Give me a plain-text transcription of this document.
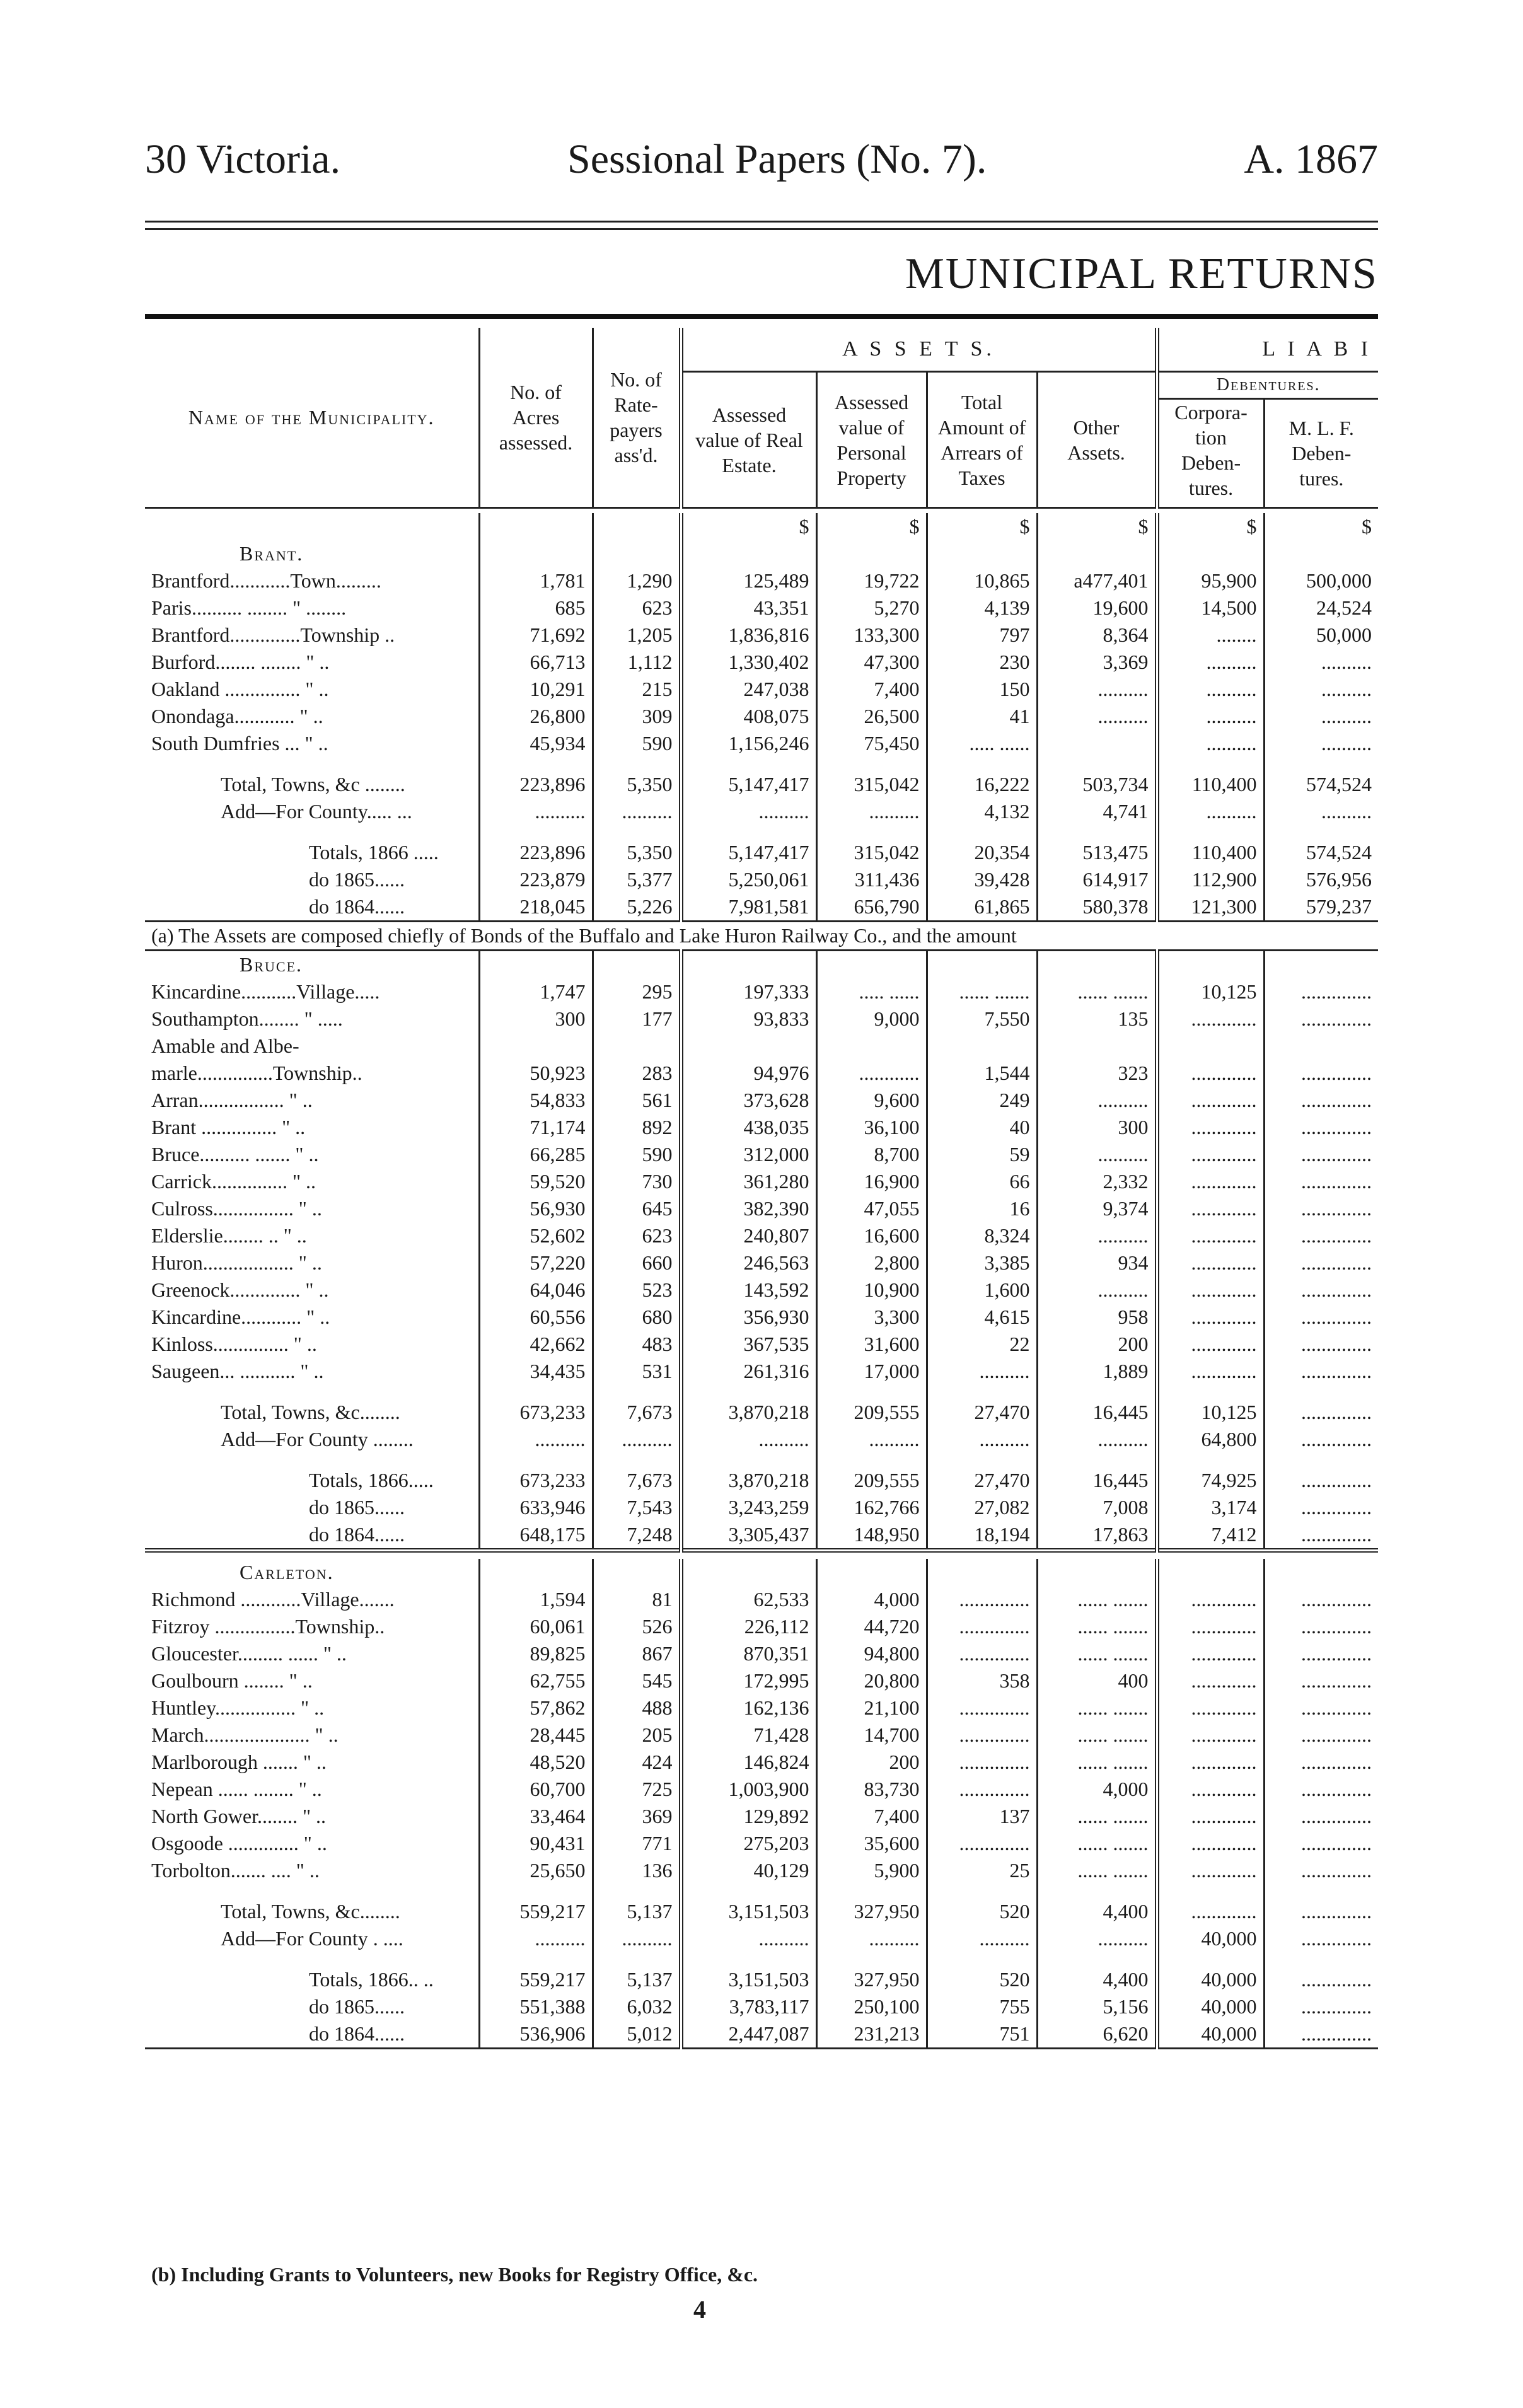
30 Victoria.	Sessional Papers (No. 7).	A. 1867
MUNICIPAL RETURNS
Name of the Municipality.	No. of Acres assessed.	No. of Rate-payers ass'd.	A S S E T S.				L I A B I	
			Assessed value of Real Estate.	Assessed value of Personal Property	Total Amount of Arrears of Taxes	Other Assets.	Debentures.	
							Corpora-tion Deben-tures.	M. L. F. Deben-tures.

			$	$	$	$	$	$
Brant.								
Brantford............Town.........	1,781	1,290	125,489	19,722	10,865	a477,401	95,900	500,000
Paris.......... ........ " ........	685	623	43,351	5,270	4,139	19,600	14,500	24,524
Brantford..............Township ..	71,692	1,205	1,836,816	133,300	797	8,364	........	50,000
Burford........ ........ " ..	66,713	1,112	1,330,402	47,300	230	3,369	..........	..........
Oakland ............... " ..	10,291	215	247,038	7,400	150	..........	..........	..........
Onondaga............ " ..	26,800	309	408,075	26,500	41	..........	..........	..........
South Dumfries ... " ..	45,934	590	1,156,246	75,450	..... ......		..........	..........

Total, Towns, &c ........	223,896	5,350	5,147,417	315,042	16,222	503,734	110,400	574,524
Add—For County..... ...	..........	..........	..........	..........	4,132	4,741	..........	..........

Totals, 1866 .....	223,896	5,350	5,147,417	315,042	20,354	513,475	110,400	574,524
do 1865......	223,879	5,377	5,250,061	311,436	39,428	614,917	112,900	576,956
do 1864......	218,045	5,226	7,981,581	656,790	61,865	580,378	121,300	579,237
(a) The Assets are composed chiefly of Bonds of the Buffalo and Lake Huron Railway Co., and the amount								
Bruce.								
Kincardine...........Village.....	1,747	295	197,333	..... ......	...... .......	...... .......	10,125	..............
Southampton........ " .....	300	177	93,833	9,000	7,550	135	.............	..............
Amable and Albe-								
marle...............Township..	50,923	283	94,976	............	1,544	323	.............	..............
Arran................. " ..	54,833	561	373,628	9,600	249	..........	.............	..............
Brant ............... " ..	71,174	892	438,035	36,100	40	300	.............	..............
Bruce.......... ....... " ..	66,285	590	312,000	8,700	59	..........	.............	..............
Carrick............... " ..	59,520	730	361,280	16,900	66	2,332	.............	..............
Culross................ " ..	56,930	645	382,390	47,055	16	9,374	.............	..............
Elderslie........ .. " ..	52,602	623	240,807	16,600	8,324	..........	.............	..............
Huron.................. " ..	57,220	660	246,563	2,800	3,385	934	.............	..............
Greenock.............. " ..	64,046	523	143,592	10,900	1,600	..........	.............	..............
Kincardine............ " ..	60,556	680	356,930	3,300	4,615	958	.............	..............
Kinloss............... " ..	42,662	483	367,535	31,600	22	200	.............	..............
Saugeen... ........... " ..	34,435	531	261,316	17,000	..........	1,889	.............	..............

Total, Towns, &c........	673,233	7,673	3,870,218	209,555	27,470	16,445	10,125	..............
Add—For County ........	..........	..........	..........	..........	..........	..........	64,800	..............

Totals, 1866.....	673,233	7,673	3,870,218	209,555	27,470	16,445	74,925	..............
do 1865......	633,946	7,543	3,243,259	162,766	27,082	7,008	3,174	..............
do 1864......	648,175	7,248	3,305,437	148,950	18,194	17,863	7,412	..............

Carleton.								
Richmond ............Village.......	1,594	81	62,533	4,000	..............	...... .......	.............	..............
Fitzroy ................Township..	60,061	526	226,112	44,720	..............	...... .......	.............	..............
Gloucester......... ...... " ..	89,825	867	870,351	94,800	..............	...... .......	.............	..............
Goulbourn ........ " ..	62,755	545	172,995	20,800	358	400	.............	..............
Huntley................ " ..	57,862	488	162,136	21,100	..............	...... .......	.............	..............
March..................... " ..	28,445	205	71,428	14,700	..............	...... .......	.............	..............
Marlborough ....... " ..	48,520	424	146,824	200	..............	...... .......	.............	..............
Nepean ...... ........ " ..	60,700	725	1,003,900	83,730	..............	4,000	.............	..............
North Gower........ " ..	33,464	369	129,892	7,400	137	...... .......	.............	..............
Osgoode .............. " ..	90,431	771	275,203	35,600	..............	...... .......	.............	..............
Torbolton....... .... " ..	25,650	136	40,129	5,900	25	...... .......	.............	..............

Total, Towns, &c........	559,217	5,137	3,151,503	327,950	520	4,400	.............	..............
Add—For County . ....	..........	..........	..........	..........	..........	..........	40,000	..............

Totals, 1866.. ..	559,217	5,137	3,151,503	327,950	520	4,400	40,000	..............
do 1865......	551,388	6,032	3,783,117	250,100	755	5,156	40,000	..............
do 1864......	536,906	5,012	2,447,087	231,213	751	6,620	40,000	..............

(b) Including Grants to Volunteers, new Books for Registry Office, &c.
4
